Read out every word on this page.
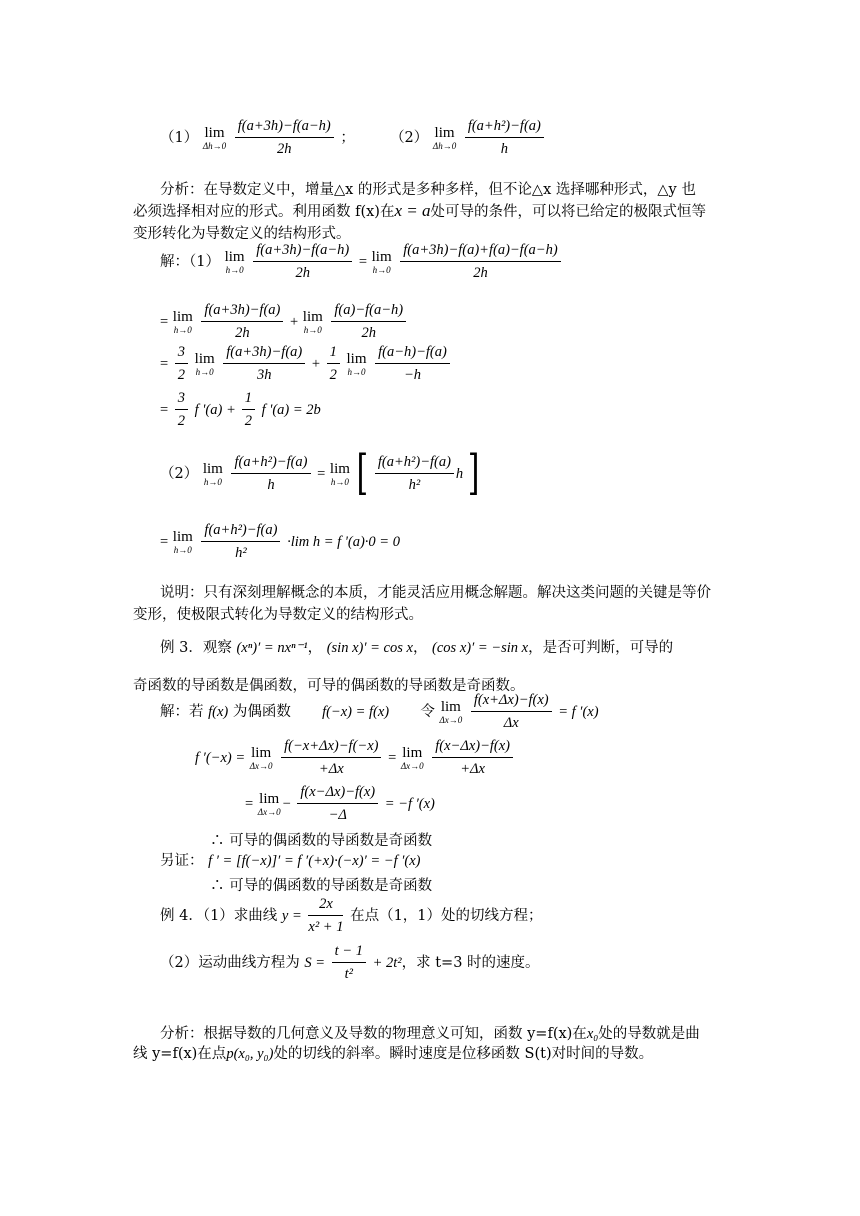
（1） lim
Δh→0
$\frac{f(a+3h)-f(a-h)}{2h}$ ； （2） lim
Δh→0
$\frac{\text{f(a+h²)−f(a)}}{h}$
分析：在导数定义中，增量△x 的形式是多种多样，但不论△x 选择哪种形式，△y 也
必须选择相对应的形式。利用函数 f(x)在x = a处可导的条件，可以将已给定的极限式恒等
变形转化为导数定义的结构形式。
解：（1） lim
h→0
$\frac{f(a+3h)-f(a-h)}{2h} = \lim$
h→0
$\frac{f(a+3h)-f(a)+f(a)-f(a-h)}{2h}$
= lim
h→0
$\frac{f(a+3h)-f(a)}{2h} + \lim$
h→0
$\frac{f(a)-f(a-h)}{2h}$
= $\frac{3}{2}$
lim
h→0
$\frac{f(a+3h)-f(a)}{3h} + \frac{1}{2}$
lim
h→0
$\frac{f(a-h)-f(a)}{-h}$
= $\frac{3}{2}$ f '$(a) + \frac{1}{2}$ f '(a) = 2b
（2） lim
h→0
$\frac{\text{f(a+h²)−f(a)}}{h} = \lim$
h→0 [ $\frac{\text{f(a+h²)−f(a)}}{\text{h²}}$ h ]
= lim
h→0
$\frac{\text{f(a+h²)−f(a)}}{\text{h²}} \cdot\lim$ h = f '(a)·0 = 0
说明：只有深刻理解概念的本质，才能灵活应用概念解题。解决这类问题的关键是等价
变形，使极限式转化为导数定义的结构形式。
例 3．观察 (xⁿ)′ = nxⁿ⁻¹， (sin x)′ = cos x， (cos x)′ = −sin x，是否可判断，可导的
奇函数的导函数是偶函数，可导的偶函数的导函数是奇函数。
解：若 f(x) 为偶函数 f(−x) = f(x) 令 lim
Δx→0
$\frac{f(x+\Delta x)-f(x)}{\Delta x} = f$ ′(x)
f ′(−x) = lim
Δx→0
$\frac{f(-x+\Delta x)-f(-x)}{+\Delta x} = \lim$
Δx→0
$\frac{f(x-\Delta x)-f(x)}{+\Delta x}$
= lim
$\Delta x\to 0 - \frac{f(x-\Delta x)-f(x)}{-\Delta} = -f$ ′(x)
∴ 可导的偶函数的导函数是奇函数
另证： f ′ = [f(−x)]′ = f ′(+x)·(−x)′ = −f ′(x)
∴ 可导的偶函数的导函数是奇函数
例 4．（1）求曲线 $y = \frac{2x}{\text{x² + 1}}$ 在点（1，1）处的切线方程；
（2）运动曲线方程为 $S = \frac{t - 1}{\text{t²}} + 2t^2$，求 t=3 时的速度。
分析：根据导数的几何意义及导数的物理意义可知，函数 y=f(x)在x₀处的导数就是曲
线 y=f(x)在点p(x₀, y₀)处的切线的斜率。瞬时速度是位移函数 S(t)对时间的导数。
